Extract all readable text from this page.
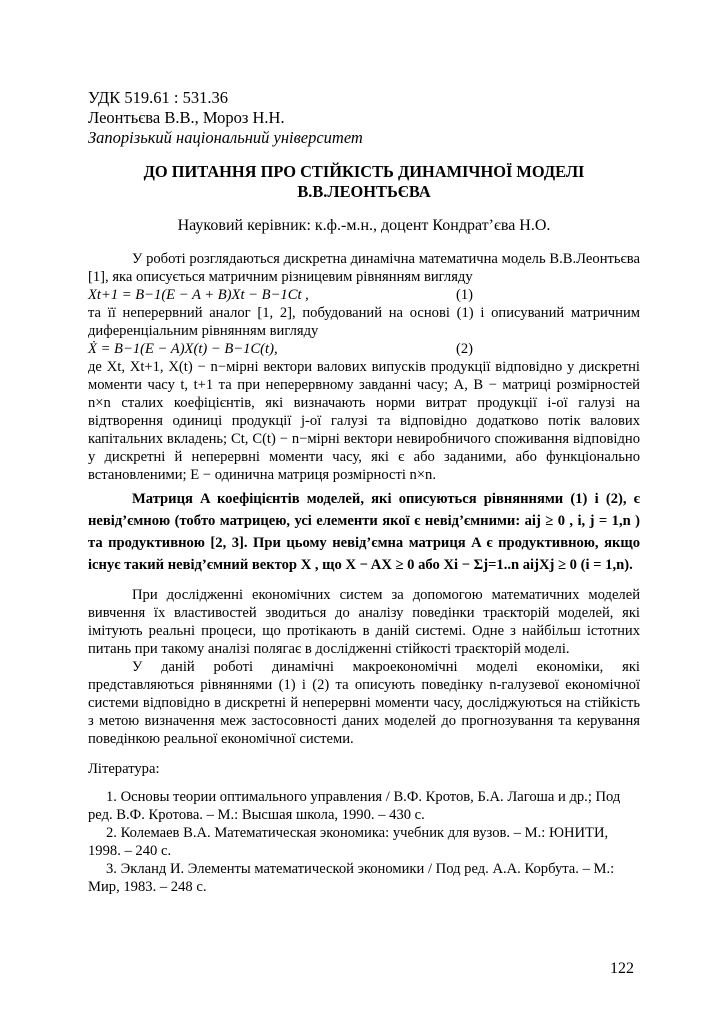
УДК 519.61 : 531.36
Леонтьєва В.В., Мороз Н.Н.
Запорізький національний університет
ДО ПИТАННЯ ПРО СТІЙКІСТЬ ДИНАМІЧНОЇ МОДЕЛІ
В.В.ЛЕОНТЬЄВА
Науковий керівник: к.ф.-м.н., доцент Кондрат’єва Н.О.

У роботі розглядаються дискретна динамічна математична модель В.В.Леонтьєва [1], яка описується матричним різницевим рівнянням вигляду

Xt+1 = B−1(E − A + B)Xt − B−1Ct ,	(1)

та її неперервний аналог [1, 2], побудований на основі (1) і описуваний матричним диференціальним рівнянням вигляду

Ẋ = B−1(E − A)X(t) − B−1C(t),	(2)

де Xt, Xt+1, X(t) − n−мірні вектори валових випусків продукції відповідно у дискретні моменти часу t, t+1 та при неперервному завданні часу; A, B − матриці розмірностей n×n сталих коефіцієнтів, які визначають норми витрат продукції i-ої галузі на відтворення одиниці продукції j-ої галузі та відповідно додатково потік валових капітальних вкладень; Ct, C(t) − n−мірні вектори невиробничого споживання відповідно у дискретні й неперервні моменти часу, які є або заданими, або функціонально встановленими; E − одинична матриця розмірності n×n.

Матриця A коефіцієнтів моделей, які описуються рівняннями (1) і (2), є невід’ємною (тобто матрицею, усі елементи якої є невід’ємними: aij ≥ 0 , i, j = 1,n ) та продуктивною [2, 3]. При цьому невід’ємна матриця A є продуктивною, якщо існує такий невід’ємний вектор X , що X − AX ≥ 0 або Xi − Σj=1..n aijXj ≥ 0 (i = 1,n).

При дослідженні економічних систем за допомогою математичних моделей вивчення їх властивостей зводиться до аналізу поведінки траєкторій моделей, які імітують реальні процеси, що протікають в даній системі. Одне з найбільш істотних питань при такому аналізі полягає в дослідженні стійкості траєкторій моделі.

У даній роботі динамічні макроекономічні моделі економіки, які представляються рівняннями (1) і (2) та описують поведінку n-галузевої економічної системи відповідно в дискретні й неперервні моменти часу, досліджуються на стійкість з метою визначення меж застосовності даних моделей до прогнозування та керування поведінкою реальної економічної системи.

Література:
1. Основы теории оптимального управления / В.Ф. Кротов, Б.А. Лагоша и др.; Под ред. В.Ф. Кротова. – М.: Высшая школа, 1990. – 430 с.
2. Колемаев В.А. Математическая экономика: учебник для вузов. – М.: ЮНИТИ, 1998. – 240 с.
3. Экланд И. Элементы математической экономики / Под ред. А.А. Корбута. – М.: Мир, 1983. – 248 с.
122
